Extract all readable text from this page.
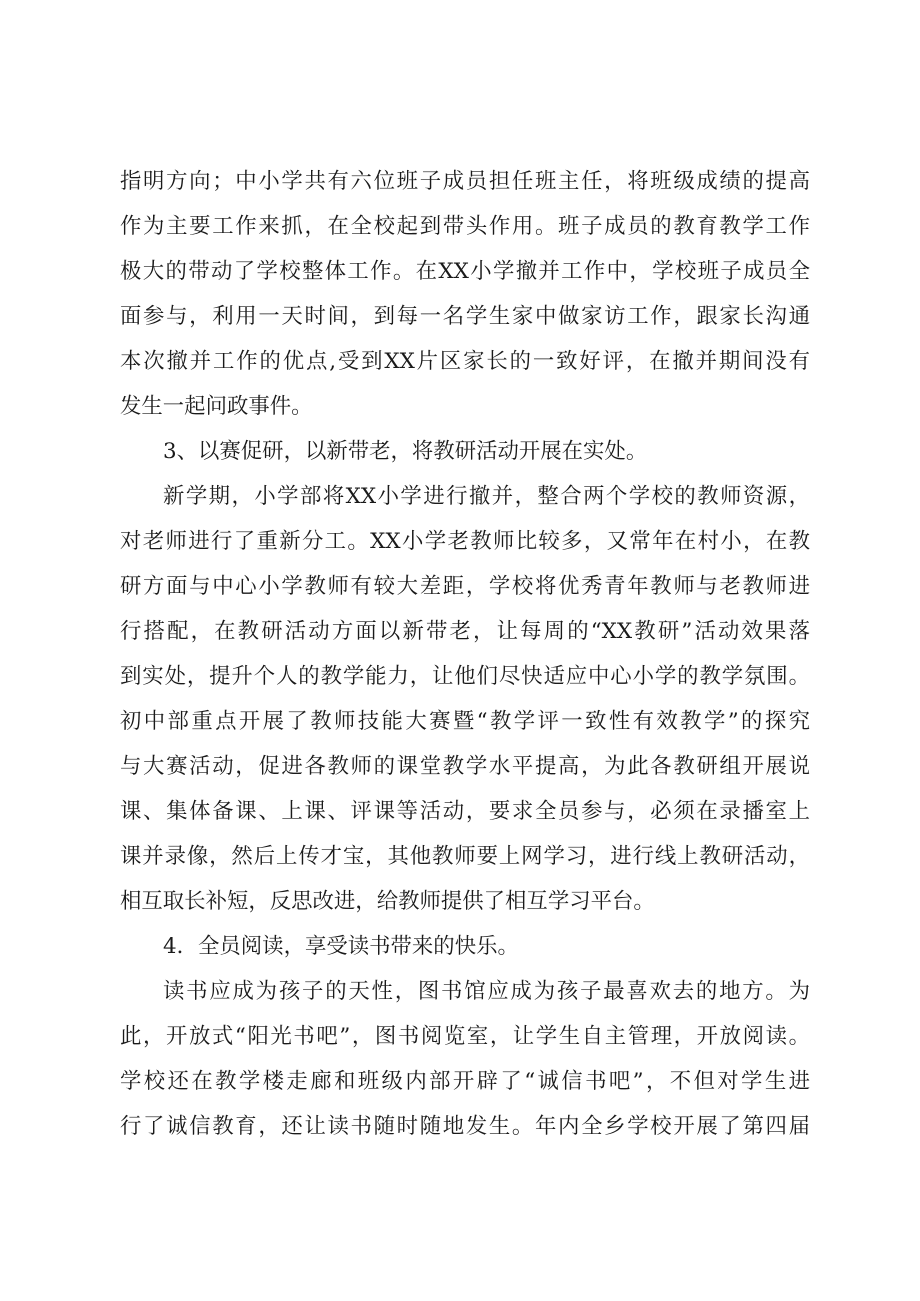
指明方向；中小学共有六位班子成员担任班主任，将班级成绩的提高
作为主要工作来抓，在全校起到带头作用。班子成员的教育教学工作
极大的带动了学校整体工作。在XX小学撤并工作中，学校班子成员全
面参与，利用一天时间，到每一名学生家中做家访工作，跟家长沟通
本次撤并工作的优点,受到XX片区家长的一致好评，在撤并期间没有
发生一起问政事件。
3、以赛促研，以新带老，将教研活动开展在实处。
新学期，小学部将XX小学进行撤并，整合两个学校的教师资源，
对老师进行了重新分工。XX小学老教师比较多，又常年在村小，在教
研方面与中心小学教师有较大差距，学校将优秀青年教师与老教师进
行搭配，在教研活动方面以新带老，让每周的“XX教研”活动效果落
到实处，提升个人的教学能力，让他们尽快适应中心小学的教学氛围。
初中部重点开展了教师技能大赛暨“教学评一致性有效教学”的探究
与大赛活动，促进各教师的课堂教学水平提高，为此各教研组开展说
课、集体备课、上课、评课等活动，要求全员参与，必须在录播室上
课并录像，然后上传才宝，其他教师要上网学习，进行线上教研活动，
相互取长补短，反思改进，给教师提供了相互学习平台。
4．全员阅读，享受读书带来的快乐。
读书应成为孩子的天性，图书馆应成为孩子最喜欢去的地方。为
此，开放式“阳光书吧”，图书阅览室，让学生自主管理，开放阅读。
学校还在教学楼走廊和班级内部开辟了“诚信书吧”，不但对学生进
行了诚信教育，还让读书随时随地发生。年内全乡学校开展了第四届
